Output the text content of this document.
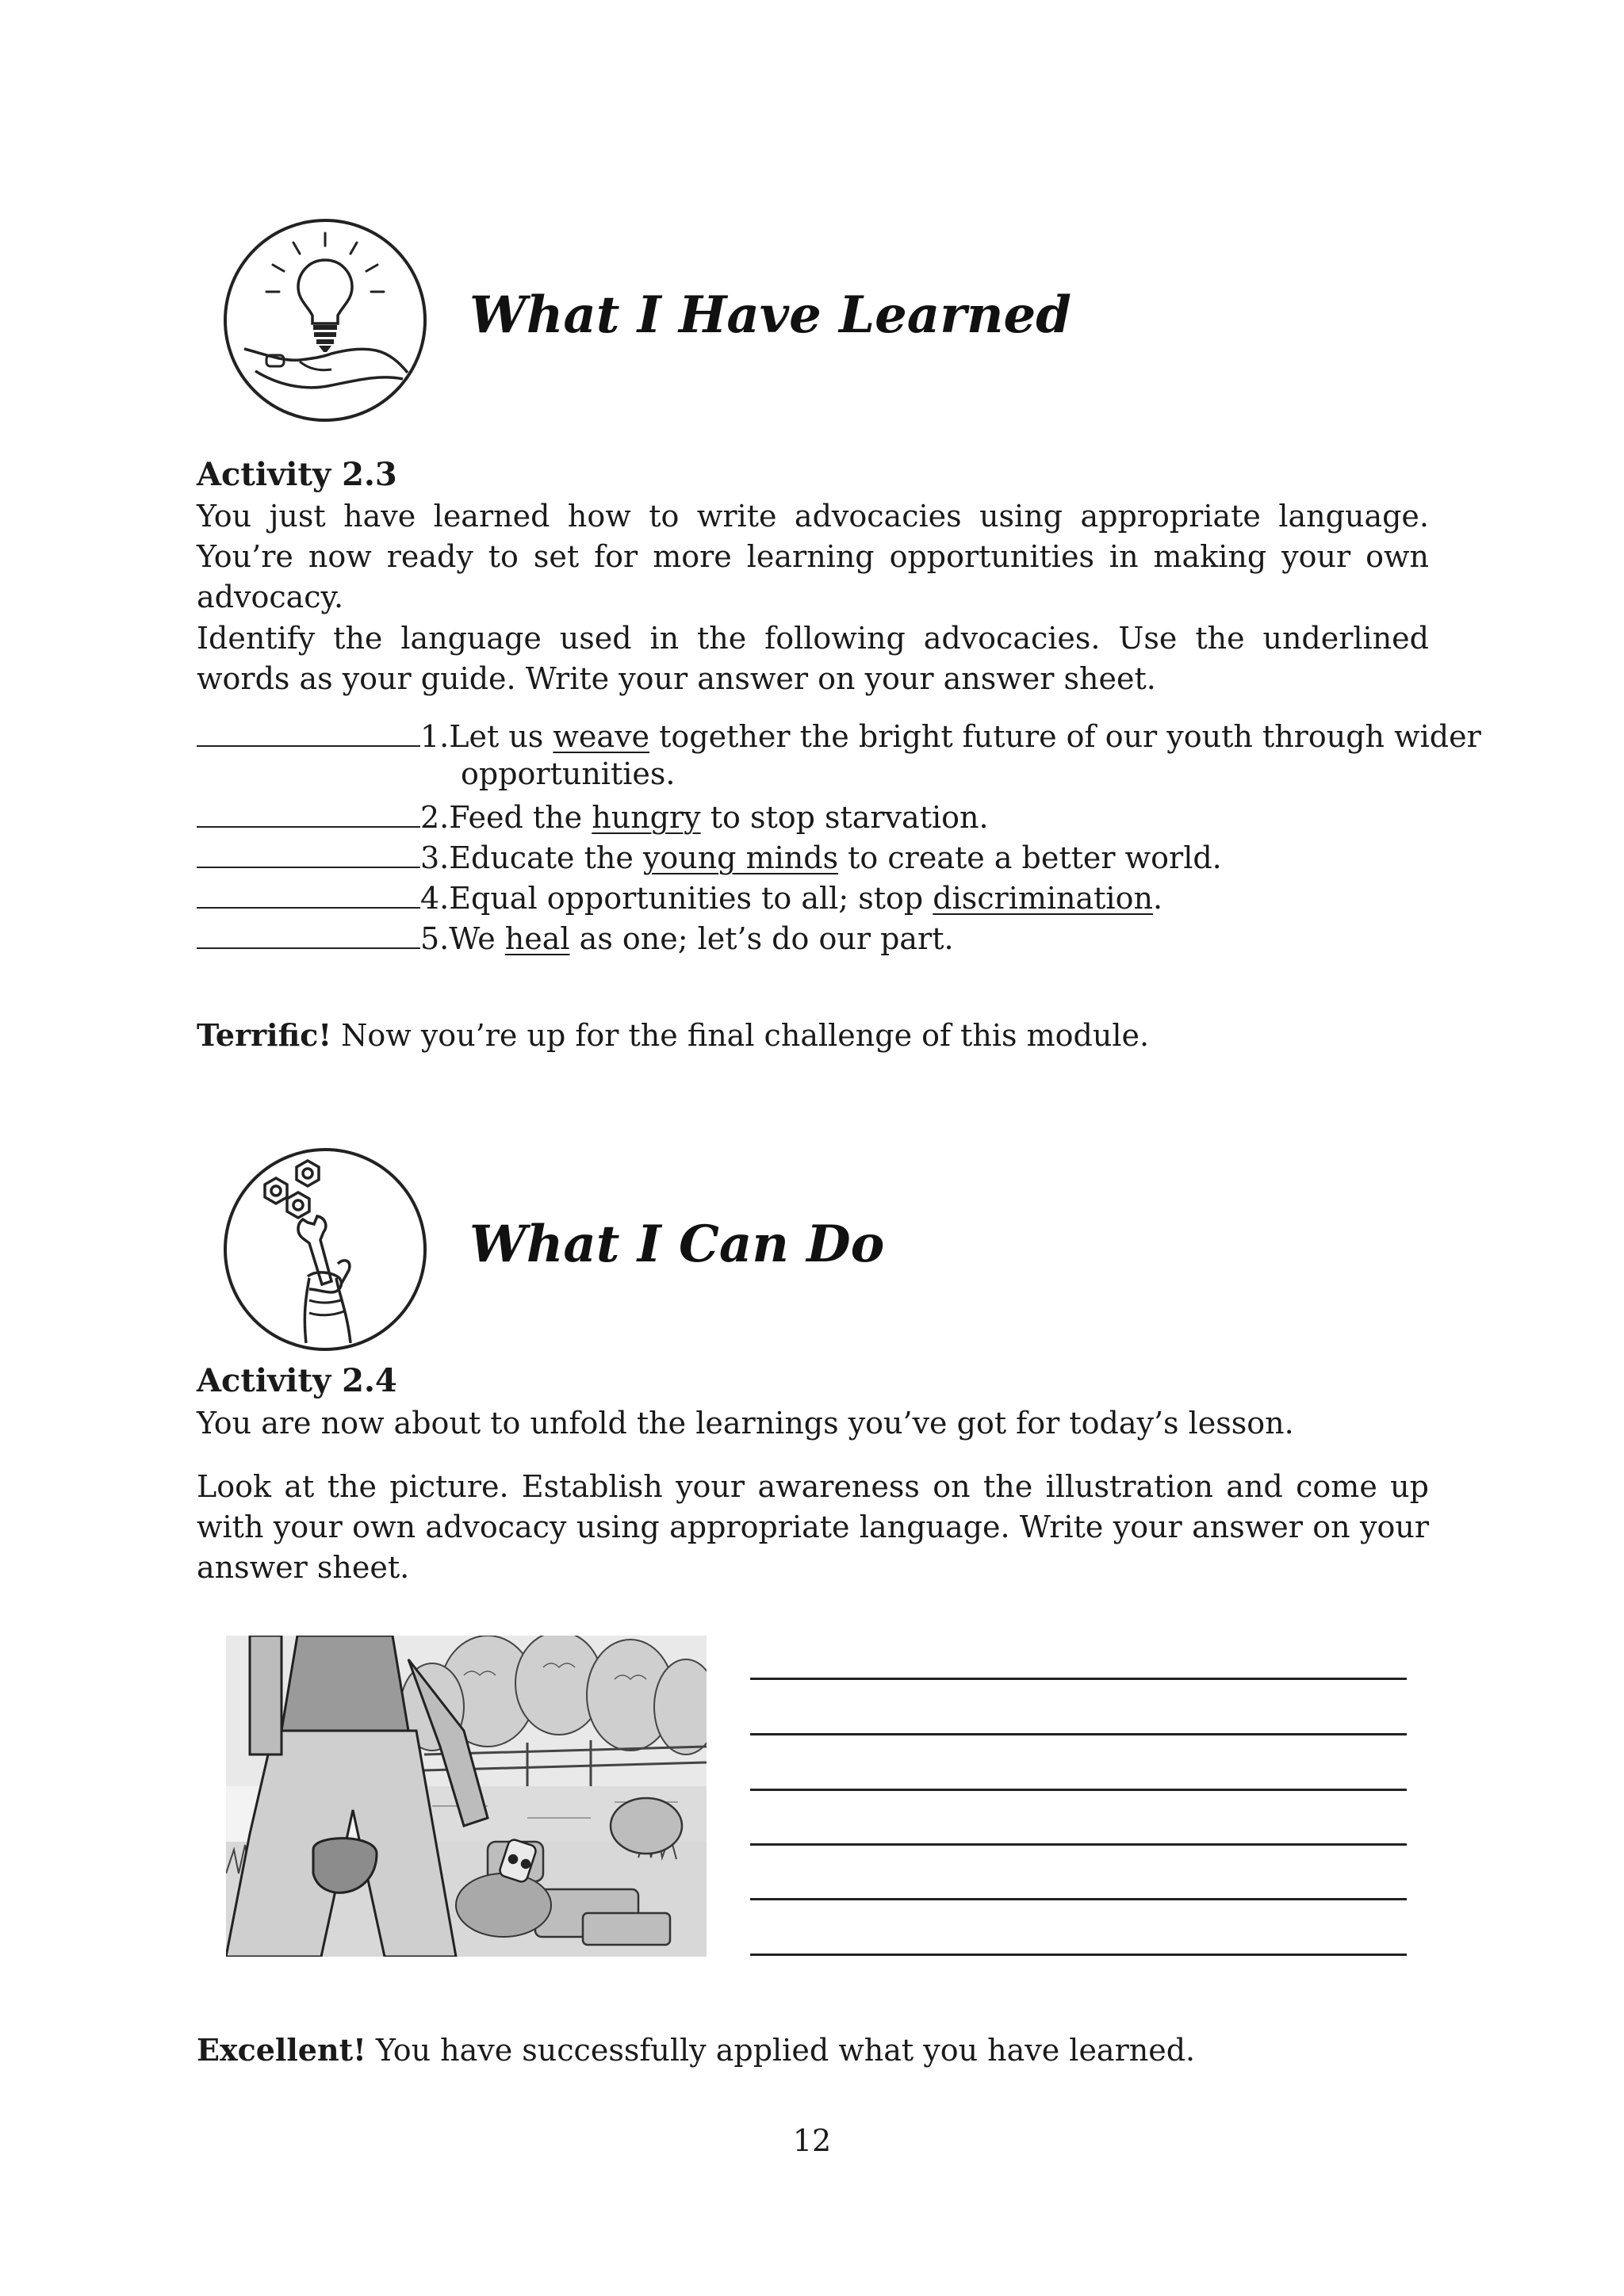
What I Have Learned
Activity 2.3
You just have learned how to write advocacies using appropriate language. You’re now ready to set for more learning opportunities in making your own advocacy.
Identify the language used in the following advocacies. Use the underlined words as your guide. Write your answer on your answer sheet.
1.Let us weave together the bright future of our youth through wider
opportunities.
2.Feed the hungry to stop starvation.
3.Educate the young minds to create a better world.
4.Equal opportunities to all; stop discrimination.
5.We heal as one; let’s do our part.
Terrific! Now you’re up for the final challenge of this module.
What I Can Do
Activity 2.4
You are now about to unfold the learnings you’ve got for today’s lesson.
Look at the picture. Establish your awareness on the illustration and come up with your own advocacy using appropriate language. Write your answer on your answer sheet.
Excellent! You have successfully applied what you have learned.
12
